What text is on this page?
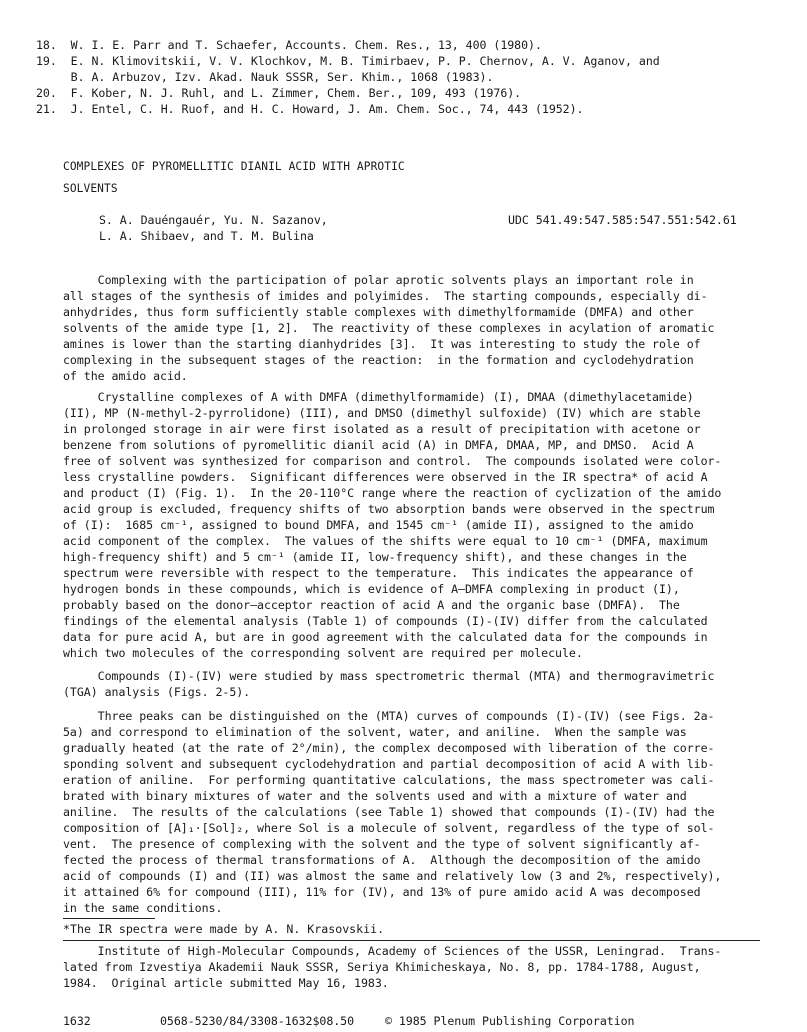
18.  W. I. E. Parr and T. Schaefer, Accounts. Chem. Res., 13, 400 (1980).
19.  E. N. Klimovitskii, V. V. Klochkov, M. B. Timirbaev, P. P. Chernov, A. V. Aganov, and
B. A. Arbuzov, Izv. Akad. Nauk SSSR, Ser. Khim., 1068 (1983).
20.  F. Kober, N. J. Ruhl, and L. Zimmer, Chem. Ber., 109, 493 (1976).
21.  J. Entel, C. H. Ruof, and H. C. Howard, J. Am. Chem. Soc., 74, 443 (1952).
COMPLEXES OF PYROMELLITIC DIANIL ACID WITH APROTIC
SOLVENTS
S. A. Dauéngauér, Yu. N. Sazanov,
L. A. Shibaev, and T. M. Bulina
UDC 541.49:547.585:547.551:542.61
Complexing with the participation of polar aprotic solvents plays an important role in
all stages of the synthesis of imides and polyimides.  The starting compounds, especially di-
anhydrides, thus form sufficiently stable complexes with dimethylformamide (DMFA) and other
solvents of the amide type [1, 2].  The reactivity of these complexes in acylation of aromatic
amines is lower than the starting dianhydrides [3].  It was interesting to study the role of
complexing in the subsequent stages of the reaction:  in the formation and cyclodehydration
of the amido acid.
Crystalline complexes of A with DMFA (dimethylformamide) (I), DMAA (dimethylacetamide)
(II), MP (N-methyl-2-pyrrolidone) (III), and DMSO (dimethyl sulfoxide) (IV) which are stable
in prolonged storage in air were first isolated as a result of precipitation with acetone or
benzene from solutions of pyromellitic dianil acid (A) in DMFA, DMAA, MP, and DMSO.  Acid A
free of solvent was synthesized for comparison and control.  The compounds isolated were color-
less crystalline powders.  Significant differences were observed in the IR spectra* of acid A
and product (I) (Fig. 1).  In the 20-110°C range where the reaction of cyclization of the amido
acid group is excluded, frequency shifts of two absorption bands were observed in the spectrum
of (I):  1685 cm⁻¹, assigned to bound DMFA, and 1545 cm⁻¹ (amide II), assigned to the amido
acid component of the complex.  The values of the shifts were equal to 10 cm⁻¹ (DMFA, maximum
high-frequency shift) and 5 cm⁻¹ (amide II, low-frequency shift), and these changes in the
spectrum were reversible with respect to the temperature.  This indicates the appearance of
hydrogen bonds in these compounds, which is evidence of A—DMFA complexing in product (I),
probably based on the donor—acceptor reaction of acid A and the organic base (DMFA).  The
findings of the elemental analysis (Table 1) of compounds (I)-(IV) differ from the calculated
data for pure acid A, but are in good agreement with the calculated data for the compounds in
which two molecules of the corresponding solvent are required per molecule.
Compounds (I)-(IV) were studied by mass spectrometric thermal (MTA) and thermogravimetric
(TGA) analysis (Figs. 2-5).
Three peaks can be distinguished on the (MTA) curves of compounds (I)-(IV) (see Figs. 2a-
5a) and correspond to elimination of the solvent, water, and aniline.  When the sample was
gradually heated (at the rate of 2°/min), the complex decomposed with liberation of the corre-
sponding solvent and subsequent cyclodehydration and partial decomposition of acid A with lib-
eration of aniline.  For performing quantitative calculations, the mass spectrometer was cali-
brated with binary mixtures of water and the solvents used and with a mixture of water and
aniline.  The results of the calculations (see Table 1) showed that compounds (I)-(IV) had the
composition of [A]₁·[Sol]₂, where Sol is a molecule of solvent, regardless of the type of sol-
vent.  The presence of complexing with the solvent and the type of solvent significantly af-
fected the process of thermal transformations of A.  Although the decomposition of the amido
acid of compounds (I) and (II) was almost the same and relatively low (3 and 2%, respectively),
it attained 6% for compound (III), 11% for (IV), and 13% of pure amido acid A was decomposed
in the same conditions.
*The IR spectra were made by A. N. Krasovskii.
Institute of High-Molecular Compounds, Academy of Sciences of the USSR, Leningrad.  Trans-
lated from Izvestiya Akademii Nauk SSSR, Seriya Khimicheskaya, No. 8, pp. 1784-1788, August,
1984.  Original article submitted May 16, 1983.
1632	0568-5230/84/3308-1632$08.50	© 1985 Plenum Publishing Corporation
